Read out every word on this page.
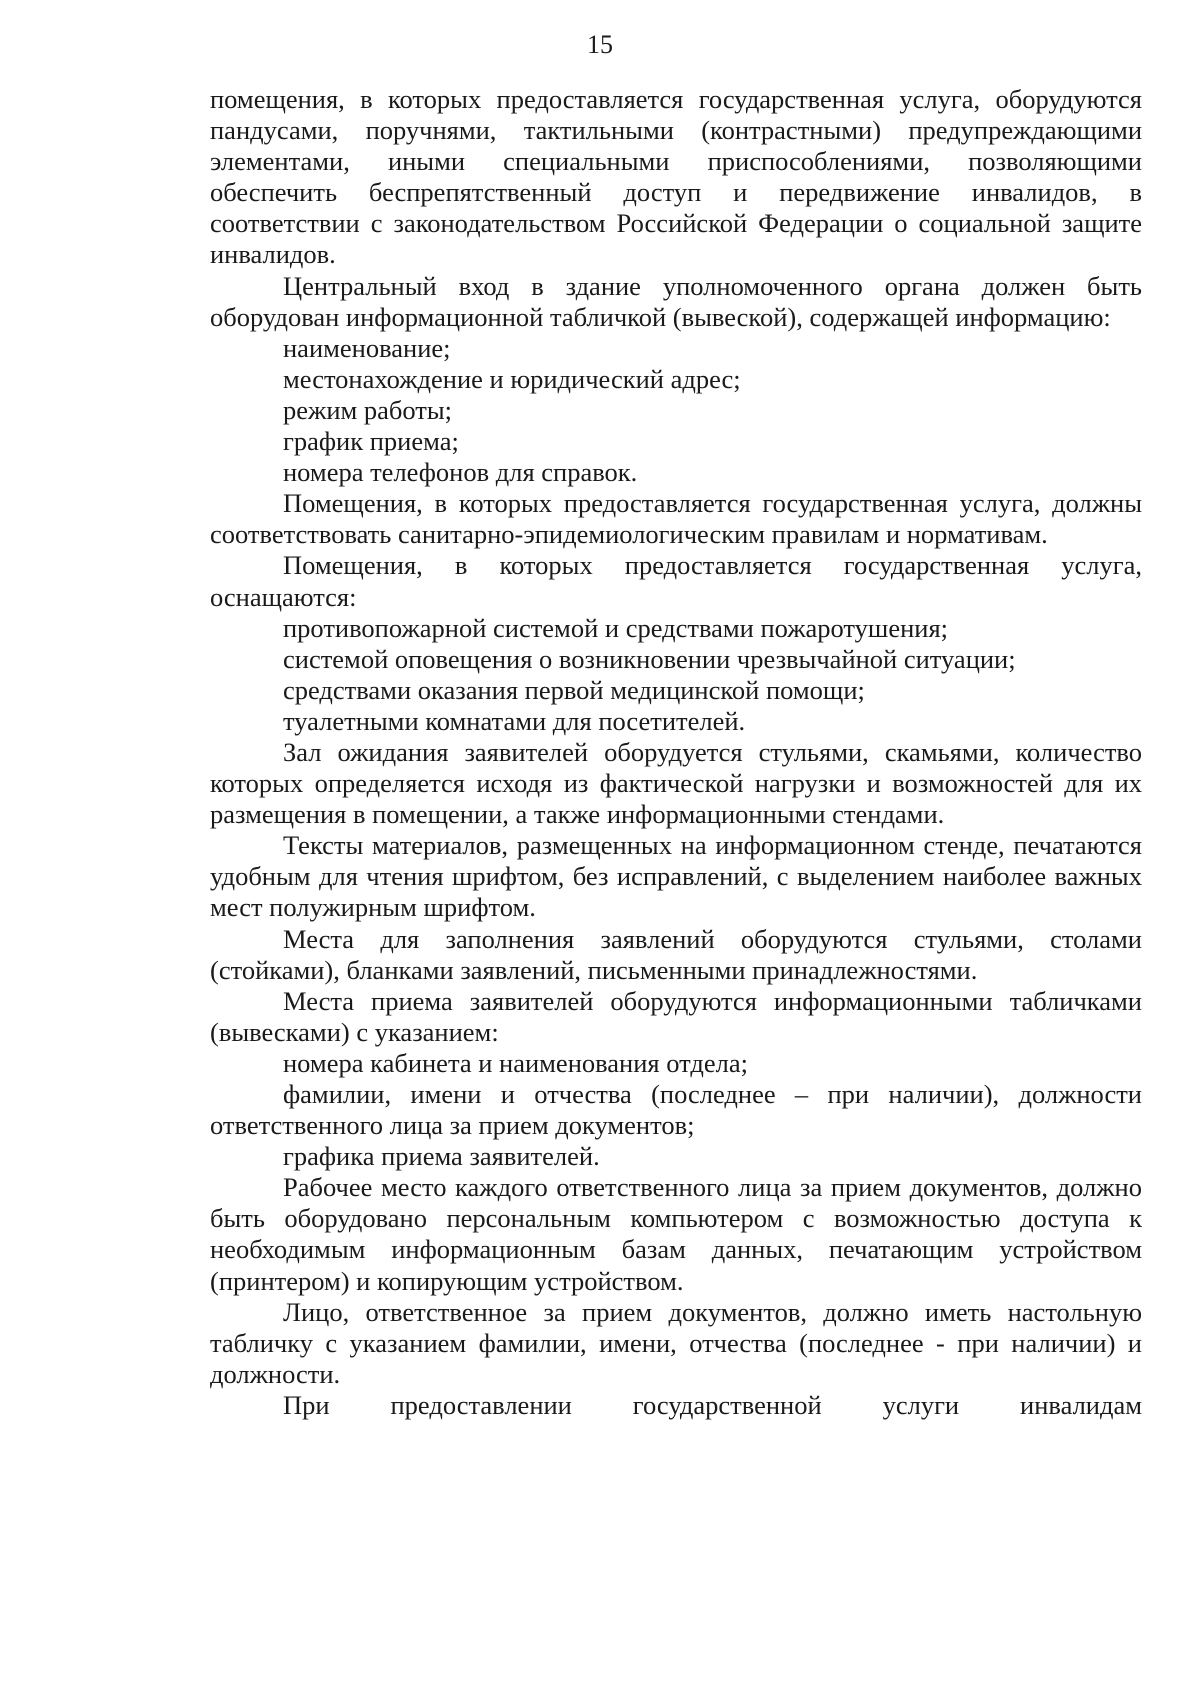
15

помещения, в которых предоставляется государственная услуга, оборудуются пандусами, поручнями, тактильными (контрастными) предупреждающими элементами, иными специальными приспособлениями, позволяющими обеспечить беспрепятственный доступ и передвижение инвалидов, в соответствии с законодательством Российской Федерации о социальной защите инвалидов.

Центральный вход в здание уполномоченного органа должен быть оборудован информационной табличкой (вывеской), содержащей информацию:

наименование;

местонахождение и юридический адрес;

режим работы;

график приема;

номера телефонов для справок.

Помещения, в которых предоставляется государственная услуга, должны соответствовать санитарно-эпидемиологическим правилам и нормативам.

Помещения, в которых предоставляется государственная услуга, оснащаются:

противопожарной системой и средствами пожаротушения;

системой оповещения о возникновении чрезвычайной ситуации;

средствами оказания первой медицинской помощи;

туалетными комнатами для посетителей.

Зал ожидания заявителей оборудуется стульями, скамьями, количество которых определяется исходя из фактической нагрузки и возможностей для их размещения в помещении, а также информационными стендами.

Тексты материалов, размещенных на информационном стенде, печатаются удобным для чтения шрифтом, без исправлений, с выделением наиболее важных мест полужирным шрифтом.

Места для заполнения заявлений оборудуются стульями, столами (стойками), бланками заявлений, письменными принадлежностями.

Места приема заявителей оборудуются информационными табличками (вывесками) с указанием:

номера кабинета и наименования отдела;

фамилии, имени и отчества (последнее – при наличии), должности ответственного лица за прием документов;

графика приема заявителей.

Рабочее место каждого ответственного лица за прием документов, должно быть оборудовано персональным компьютером с возможностью доступа к необходимым информационным базам данных, печатающим устройством (принтером) и копирующим устройством.

Лицо, ответственное за прием документов, должно иметь настольную табличку с указанием фамилии, имени, отчества (последнее - при наличии) и должности.

При предоставлении государственной услуги инвалидам
